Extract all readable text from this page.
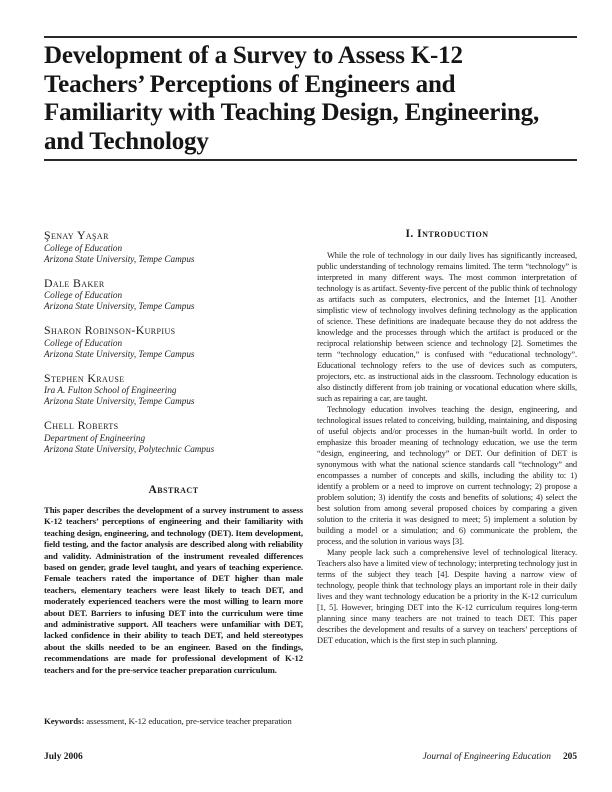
Development of a Survey to Assess K-12 Teachers’ Perceptions of Engineers and Familiarity with Teaching Design, Engineering, and Technology
Şenay Yaşar
College of Education
Arizona State University, Tempe Campus
Dale Baker
College of Education
Arizona State University, Tempe Campus
Sharon Robinson-Kurpius
College of Education
Arizona State University, Tempe Campus
Stephen Krause
Ira A. Fulton School of Engineering
Arizona State University, Tempe Campus
Chell Roberts
Department of Engineering
Arizona State University, Polytechnic Campus
Abstract

This paper describes the development of a survey instrument to assess K-12 teachers’ perceptions of engineering and their familiarity with teaching design, engineering, and technology (DET). Item development, field testing, and the factor analysis are described along with reliability and validity. Administration of the instrument revealed differences based on gender, grade level taught, and years of teaching experience. Female teachers rated the importance of DET higher than male teachers, elementary teachers were least likely to teach DET, and moderately experienced teachers were the most willing to learn more about DET. Barriers to infusing DET into the curriculum were time and administrative support. All teachers were unfamiliar with DET, lacked confidence in their ability to teach DET, and held stereotypes about the skills needed to be an engineer. Based on the findings, recommendations are made for professional development of K-12 teachers and for the pre-service teacher preparation curriculum.

Keywords: assessment, K-12 education, pre-service teacher preparation

I. Introduction

While the role of technology in our daily lives has significantly increased, public understanding of technology remains limited. The term “technology” is interpreted in many different ways. The most common interpretation of technology is as artifact. Seventy-five percent of the public think of technology as artifacts such as computers, electronics, and the Internet [1]. Another simplistic view of technology involves defining technology as the application of science. These definitions are inadequate because they do not address the knowledge and the processes through which the artifact is produced or the reciprocal relationship between science and technology [2]. Sometimes the term “technology education,” is confused with “educational technology”. Educational technology refers to the use of devices such as computers, projectors, etc. as instructional aids in the classroom. Technology education is also distinctly different from job training or vocational education where skills, such as repairing a car, are taught.

Technology education involves teaching the design, engineering, and technological issues related to conceiving, building, maintaining, and disposing of useful objects and/or processes in the human-built world. In order to emphasize this broader meaning of technology education, we use the term “design, engineering, and technology” or DET. Our definition of DET is synonymous with what the national science standards call “technology” and encompasses a number of concepts and skills, including the ability to: 1) identify a problem or a need to improve on current technology; 2) propose a problem solution; 3) identify the costs and benefits of solutions; 4) select the best solution from among several proposed choices by comparing a given solution to the criteria it was designed to meet; 5) implement a solution by building a model or a simulation; and 6) communicate the problem, the process, and the solution in various ways [3].

Many people lack such a comprehensive level of technological literacy. Teachers also have a limited view of technology; interpreting technology just in terms of the subject they teach [4]. Despite having a narrow view of technology, people think that technology plays an important role in their daily lives and they want technology education be a priority in the K-12 curriculum [1, 5]. However, bringing DET into the K-12 curriculum requires long-term planning since many teachers are not trained to teach DET. This paper describes the development and results of a survey on teachers’ perceptions of DET education, which is the first step in such planning.

July 2006	Journal of Engineering Education 205
